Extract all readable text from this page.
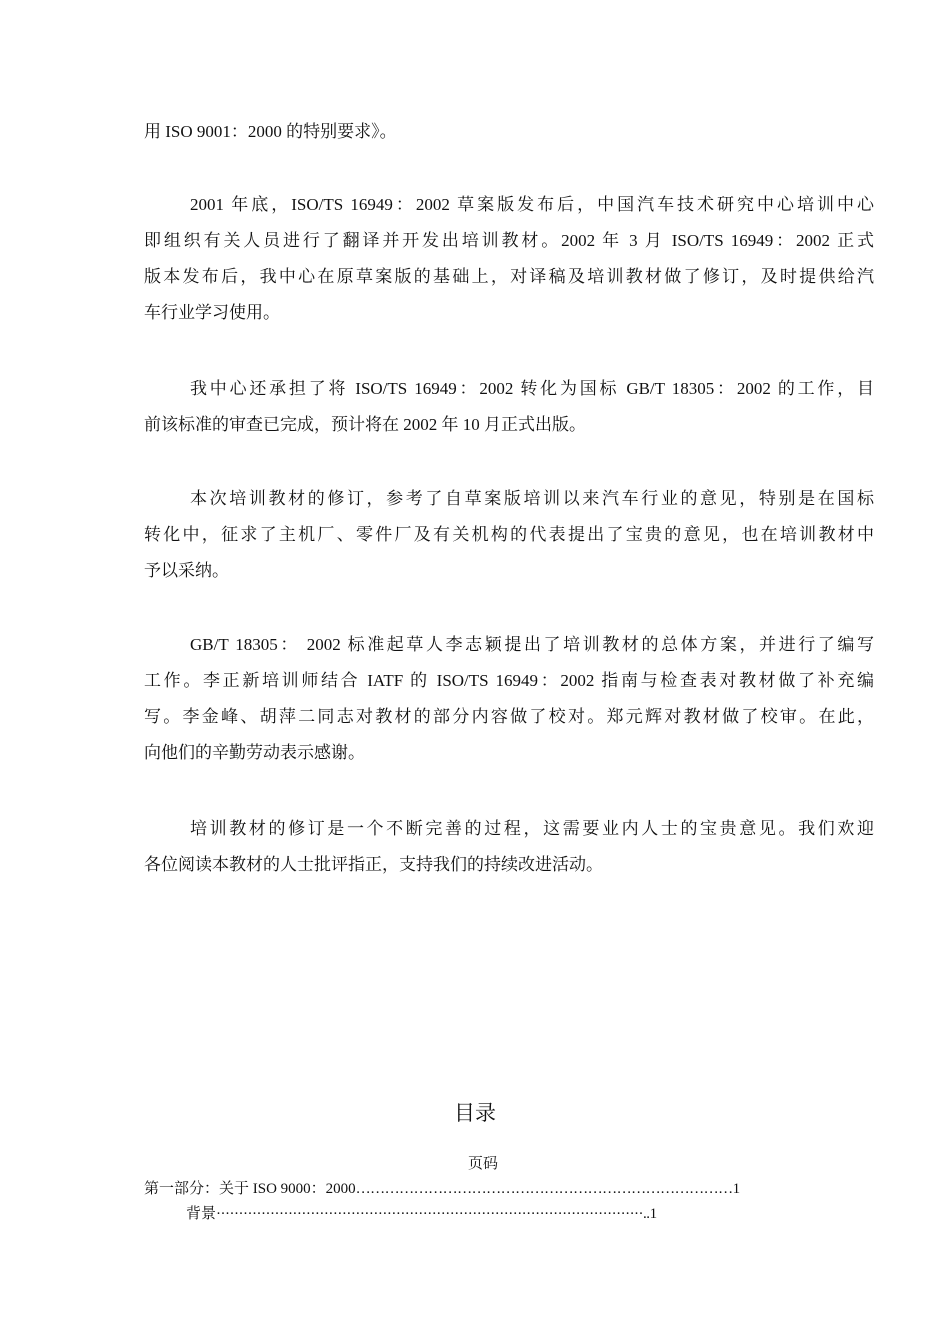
用 ISO 9001：2000 的特别要求》。

2001 年底，ISO/TS 16949：2002 草案版发布后，中国汽车技术研究中心培训中心
即组织有关人员进行了翻译并开发出培训教材。2002 年 3 月 ISO/TS 16949：2002 正式
版本发布后，我中心在原草案版的基础上，对译稿及培训教材做了修订，及时提供给汽
车行业学习使用。

我中心还承担了将 ISO/TS 16949：2002 转化为国标 GB/T 18305：2002 的工作，目
前该标准的审查已完成，预计将在 2002 年 10 月正式出版。

本次培训教材的修订，参考了自草案版培训以来汽车行业的意见，特别是在国标
转化中，征求了主机厂、零件厂及有关机构的代表提出了宝贵的意见，也在培训教材中
予以采纳。

GB/T 18305： 2002 标准起草人李志颖提出了培训教材的总体方案，并进行了编写
工作。李正新培训师结合 IATF 的 ISO/TS 16949：2002 指南与检查表对教材做了补充编
写。李金峰、胡萍二同志对教材的部分内容做了校对。郑元辉对教材做了校审。在此，
向他们的辛勤劳动表示感谢。

培训教材的修订是一个不断完善的过程，这需要业内人士的宝贵意见。我们欢迎
各位阅读本教材的人士批评指正，支持我们的持续改进活动。

目录
页码
第一部分：关于 ISO 9000：2000……………………………………………………………………1
背景·······························································································..1
